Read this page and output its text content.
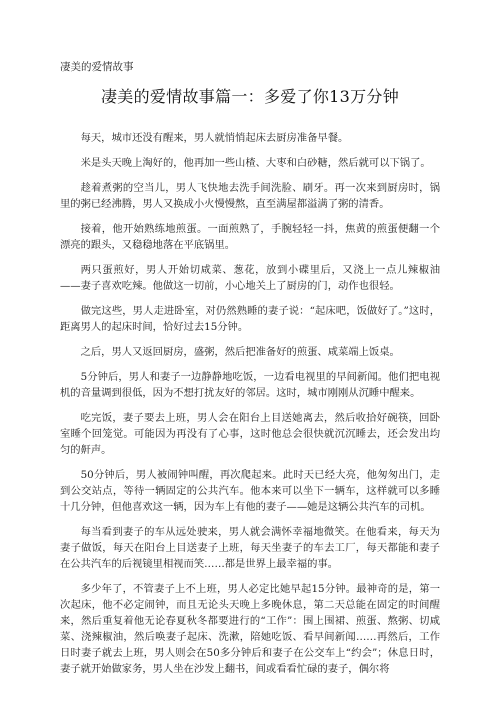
凄美的爱情故事
凄美的爱情故事篇一：多爱了你13万分钟

每天，城市还没有醒来，男人就悄悄起床去厨房准备早餐。

米是头天晚上淘好的，他再加一些山楂、大枣和白砂糖，然后就可以下锅了。

趁着煮粥的空当儿，男人飞快地去洗手间洗脸、刷牙。再一次来到厨房时，锅里的粥已经沸腾，男人又换成小火慢慢熬，直至满屋都溢满了粥的清香。

接着，他开始熟练地煎蛋。一面煎熟了，手腕轻轻一抖，焦黄的煎蛋便翻一个漂亮的跟头，又稳稳地落在平底锅里。

两只蛋煎好，男人开始切咸菜、葱花，放到小碟里后，又浇上一点儿辣椒油——妻子喜欢吃辣。他做这一切前，小心地关上了厨房的门，动作也很轻。

做完这些，男人走进卧室，对仍然熟睡的妻子说：“起床吧，饭做好了。”这时，距离男人的起床时间，恰好过去15分钟。

之后，男人又返回厨房，盛粥，然后把准备好的煎蛋、咸菜端上饭桌。

5分钟后，男人和妻子一边静静地吃饭，一边看电视里的早间新闻。他们把电视机的音量调到很低，因为不想打扰友好的邻居。这时，城市刚刚从沉睡中醒来。

吃完饭，妻子要去上班，男人会在阳台上目送她离去，然后收拾好碗筷，回卧室睡个回笼觉。可能因为再没有了心事，这时他总会很快就沉沉睡去，还会发出均匀的鼾声。

50分钟后，男人被闹钟叫醒，再次爬起来。此时天已经大亮，他匆匆出门，走到公交站点，等待一辆固定的公共汽车。他本来可以坐下一辆车，这样就可以多睡十几分钟，但他喜欢这一辆，因为车上有他的妻子——她是这辆公共汽车的司机。

每当看到妻子的车从远处驶来，男人就会满怀幸福地微笑。在他看来，每天为妻子做饭，每天在阳台上目送妻子上班，每天坐妻子的车去工厂，每天都能和妻子在公共汽车的后视镜里相视而笑……都是世界上最幸福的事。

多少年了，不管妻子上不上班，男人必定比她早起15分钟。最神奇的是，第一次起床，他不必定闹钟，而且无论头天晚上多晚休息，第二天总能在固定的时间醒来，然后重复着他无论春夏秋冬都要进行的“工作”：围上围裙、煎蛋、熬粥、切咸菜、浇辣椒油，然后唤妻子起床、洗漱，陪她吃饭、看早间新闻……再然后，工作日时妻子就去上班，男人则会在50多分钟后和妻子在公交车上“约会”；休息日时，妻子就开始做家务，男人坐在沙发上翻书，间或看看忙碌的妻子，偶尔将
